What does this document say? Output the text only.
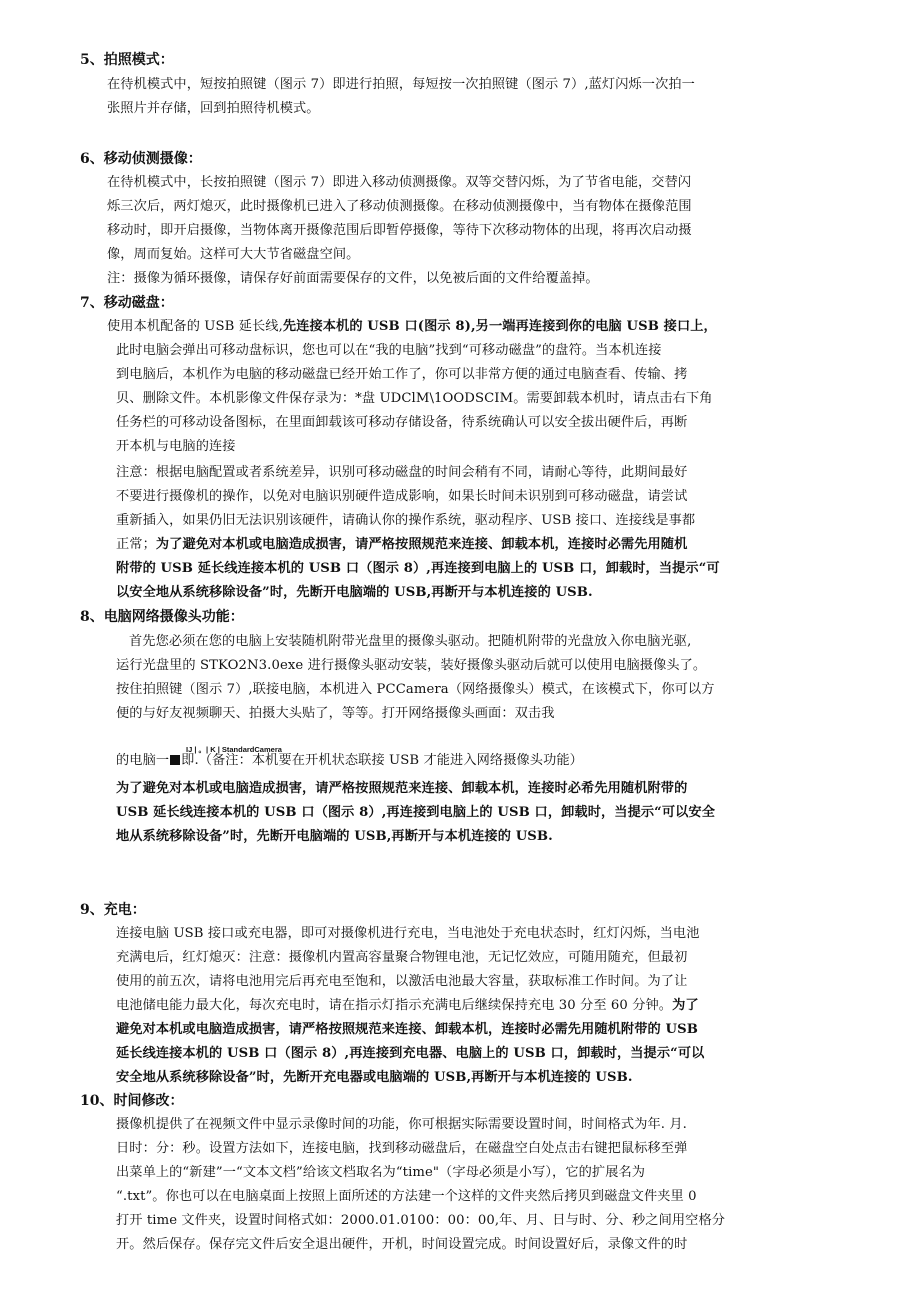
5、拍照模式：
在待机模式中，短按拍照键（图示 7）即进行拍照，每短按一次拍照键（图示 7）,蓝灯闪烁一次拍一
张照片并存储，回到拍照待机模式。
6、移动侦测摄像：
在待机模式中，长按拍照键（图示 7）即进入移动侦测摄像。双等交替闪烁，为了节省电能，交替闪
烁三次后，两灯熄灭，此时摄像机已进入了移动侦测摄像。在移动侦测摄像中，当有物体在摄像范围
移动时，即开启摄像，当物体离开摄像范围后即暂停摄像，等待下次移动物体的出现，将再次启动摄
像，周而复始。这样可大大节省磁盘空间。
注：摄像为循环摄像，请保存好前面需要保存的文件，以免被后面的文件给覆盖掉。
7、移动磁盘：
使用本机配备的 USB 延长线,先连接本机的 USB 口(图示 8),另一端再连接到你的电脑 USB 接口上，
此时电脑会弹出可移动盘标识，您也可以在“我的电脑”找到“可移动磁盘”的盘符。当本机连接
到电脑后，本机作为电脑的移动磁盘已经开始工作了，你可以非常方便的通过电脑查看、传输、拷
贝、删除文件。本机影像文件保存录为：*盘 UDClM\1OODSCIM。需要卸载本机时，请点击右下角
任务栏的可移动设备图标，在里面卸载该可移动存储设备，待系统确认可以安全拔出硬件后，再断
开本机与电脑的连接
注意：根据电脑配置或者系统差异，识别可移动磁盘的时间会稍有不同，请耐心等待，此期间最好
不要进行摄像机的操作，以免对电脑识别硬件造成影响，如果长时间未识别到可移动磁盘，请尝试
重新插入，如果仍旧无法识别该硬件，请确认你的操作系统，驱动程序、USB 接口、连接线是事都
正常；为了避免对本机或电脑造成损害，请严格按照规范来连接、卸载本机，连接时必需先用随机
附带的 USB 延长线连接本机的 USB 口（图示 8）,再连接到电脑上的 USB 口，卸载时，当提示“可
以安全地从系统移除设备”时，先断开电脑端的 USB,再断开与本机连接的 USB.
8、电脑网络摄像头功能：
首先您必须在您的电脑上安装随机附带光盘里的摄像头驱动。把随机附带的光盘放入你电脑光驱,
运行光盘里的 STKO2N3.0exe 进行摄像头驱动安装，装好摄像头驱动后就可以使用电脑摄像头了。
按住拍照键（图示 7）,联接电脑，本机进入 PCCamera（网络摄像头）模式，在该模式下，你可以方
便的与好友视频聊天、拍摄大头贴了，等等。打开网络摄像头画面：双击我
IJ | 。| K | StandardCamera
的电脑一 即.（备注：本机要在开机状态联接 USB 才能进入网络摄像头功能）
为了避免对本机或电脑造成损害，请严格按照规范来连接、卸载本机，连接时必希先用随机附带的
USB 延长线连接本机的 USB 口（图示 8）,再连接到电脑上的 USB 口，卸载时，当提示“可以安全
地从系统移除设备”时，先断开电脑端的 USB,再断开与本机连接的 USB.
9、充电：
连接电脑 USB 接口或充电器，即可对摄像机进行充电，当电池处于充电状态时，红灯闪烁，当电池
充满电后，红灯熄灭：注意：摄像机内置高容量聚合物锂电池，无记忆效应，可随用随充，但最初
使用的前五次，请将电池用完后再充电至饱和，以激活电池最大容量，获取标准工作时间。为了让
电池储电能力最大化，每次充电时，请在指示灯指示充满电后继续保持充电 30 分至 60 分钟。为了
避免对本机或电脑造成损害，请严格按照规范来连接、卸载本机，连接时必需先用随机附带的 USB
延长线连接本机的 USB 口（图示 8）,再连接到充电器、电脑上的 USB 口，卸载时，当提示“可以
安全地从系统移除设备”时，先断开充电器或电脑端的 USB,再断开与本机连接的 USB.
10、时间修改：
摄像机提供了在视频文件中显示录像时间的功能，你可根据实际需要设置时间，时间格式为年. 月.
日时：分：秒。设置方法如下，连接电脑，找到移动磁盘后，在磁盘空白处点击右键把鼠标移至弹
出菜单上的“新建”一“文本文档”给该文档取名为“time"（字母必须是小写），它的扩展名为
“.txt”。你也可以在电脑桌面上按照上面所述的方法建一个这样的文件夹然后拷贝到磁盘文件夹里 0
打开 time 文件夹，设置时间格式如：2000.01.0100：00：00,年、月、日与时、分、秒之间用空格分
开。然后保存。保存完文件后安全退出硬件，开机，时间设置完成。时间设置好后，录像文件的时
